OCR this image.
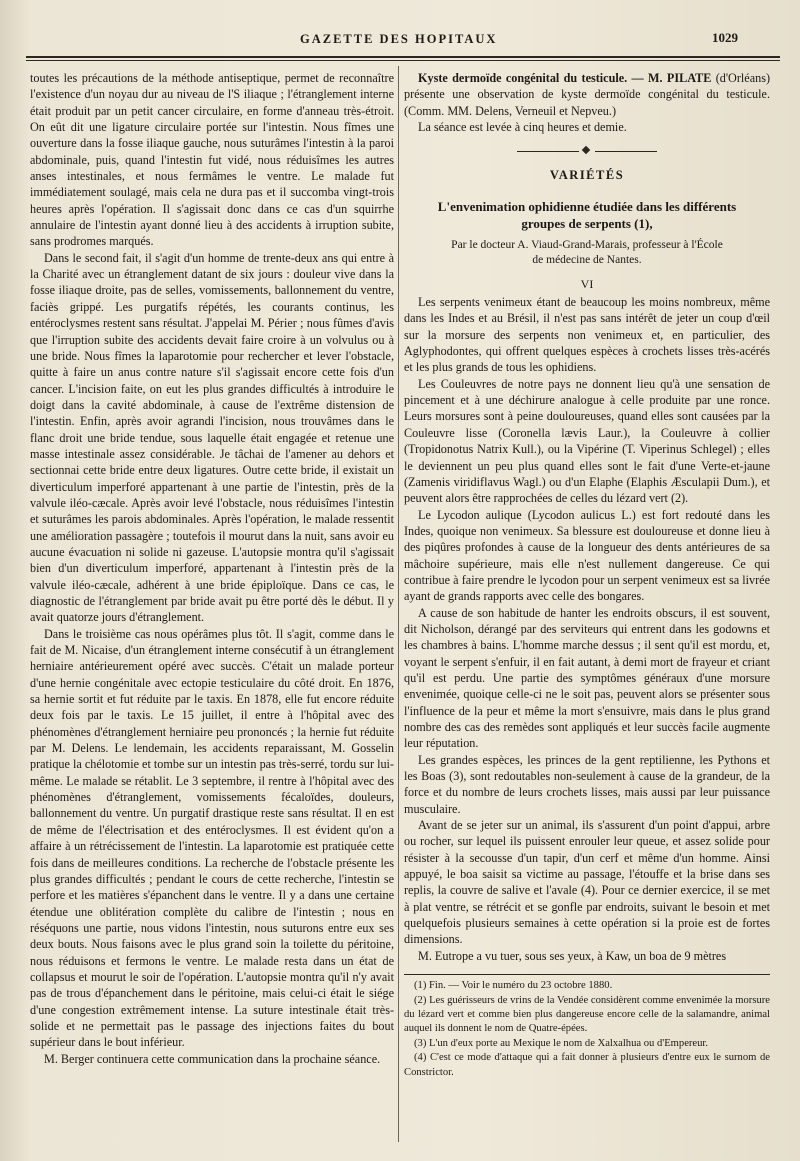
GAZETTE DES HOPITAUX	1029

toutes les précautions de la méthode antiseptique, permet de reconnaître l'existence d'un noyau dur au niveau de l'S iliaque ; l'étranglement interne était produit par un petit cancer circulaire, en forme d'anneau très-étroit. On eût dit une ligature circulaire portée sur l'intestin. Nous fîmes une ouverture dans la fosse iliaque gauche, nous suturâmes l'intestin à la paroi abdominale, puis, quand l'intestin fut vidé, nous réduisîmes les autres anses intestinales, et nous fermâmes le ventre. Le malade fut immédiatement soulagé, mais cela ne dura pas et il succomba vingt-trois heures après l'opération. Il s'agissait donc dans ce cas d'un squirrhe annulaire de l'intestin ayant donné lieu à des accidents à irruption subite, sans prodromes marqués.

Dans le second fait, il s'agit d'un homme de trente-deux ans qui entre à la Charité avec un étranglement datant de six jours : douleur vive dans la fosse iliaque droite, pas de selles, vomissements, ballonnement du ventre, faciès grippé. Les purgatifs répétés, les courants continus, les entéroclysmes restent sans résultat. J'appelai M. Périer ; nous fûmes d'avis que l'irruption subite des accidents devait faire croire à un volvulus ou à une bride. Nous fîmes la laparotomie pour rechercher et lever l'obstacle, quitte à faire un anus contre nature s'il s'agissait encore cette fois d'un cancer. L'incision faite, on eut les plus grandes difficultés à introduire le doigt dans la cavité abdominale, à cause de l'extrême distension de l'intestin. Enfin, après avoir agrandi l'incision, nous trouvâmes dans le flanc droit une bride tendue, sous laquelle était engagée et retenue une masse intestinale assez considérable. Je tâchai de l'amener au dehors et sectionnai cette bride entre deux ligatures. Outre cette bride, il existait un diverticulum imperforé appartenant à une partie de l'intestin, près de la valvule iléo-cæcale. Après avoir levé l'obstacle, nous réduisîmes l'intestin et suturâmes les parois abdominales. Après l'opération, le malade ressentit une amélioration passagère ; toutefois il mourut dans la nuit, sans avoir eu aucune évacuation ni solide ni gazeuse. L'autopsie montra qu'il s'agissait bien d'un diverticulum imperforé, appartenant à l'intestin près de la valvule iléo-cæcale, adhérent à une bride épiploïque. Dans ce cas, le diagnostic de l'étranglement par bride avait pu être porté dès le début. Il y avait quatorze jours d'étranglement.

Dans le troisième cas nous opérâmes plus tôt. Il s'agit, comme dans le fait de M. Nicaise, d'un étranglement interne consécutif à un étranglement herniaire antérieurement opéré avec succès. C'était un malade porteur d'une hernie congénitale avec ectopie testiculaire du côté droit. En 1876, sa hernie sortit et fut réduite par le taxis. En 1878, elle fut encore réduite deux fois par le taxis. Le 15 juillet, il entre à l'hôpital avec des phénomènes d'étranglement herniaire peu prononcés ; la hernie fut réduite par M. Delens. Le lendemain, les accidents reparaissant, M. Gosselin pratique la chélotomie et tombe sur un intestin pas très-serré, tordu sur lui-même. Le malade se rétablit. Le 3 septembre, il rentre à l'hôpital avec des phénomènes d'étranglement, vomissements fécaloïdes, douleurs, ballonnement du ventre. Un purgatif drastique reste sans résultat. Il en est de même de l'électrisation et des entéroclysmes. Il est évident qu'on a affaire à un rétrécissement de l'intestin. La laparotomie est pratiquée cette fois dans de meilleures conditions. La recherche de l'obstacle présente les plus grandes difficultés ; pendant le cours de cette recherche, l'intestin se perfore et les matières s'épanchent dans le ventre. Il y a dans une certaine étendue une oblitération complète du calibre de l'intestin ; nous en réséquons une partie, nous vidons l'intestin, nous suturons entre eux ses deux bouts. Nous faisons avec le plus grand soin la toilette du péritoine, nous réduisons et fermons le ventre. Le malade resta dans un état de collapsus et mourut le soir de l'opération. L'autopsie montra qu'il n'y avait pas de trous d'épanchement dans le péritoine, mais celui-ci était le siége d'une congestion extrêmement intense. La suture intestinale était très-solide et ne permettait pas le passage des injections faites du bout supérieur dans le bout inférieur.

M. Berger continuera cette communication dans la prochaine séance.

Kyste dermoïde congénital du testicule. — M. PILATE (d'Orléans) présente une observation de kyste dermoïde congénital du testicule. (Comm. MM. Delens, Verneuil et Nepveu.)

La séance est levée à cinq heures et demie.

VARIÉTÉS
L'envenimation ophidienne étudiée dans les différents
groupes de serpents (1),
Par le docteur A. Viaud-Grand-Marais, professeur à l'École
de médecine de Nantes.
VI

Les serpents venimeux étant de beaucoup les moins nombreux, même dans les Indes et au Brésil, il n'est pas sans intérêt de jeter un coup d'œil sur la morsure des serpents non venimeux et, en particulier, des Aglyphodontes, qui offrent quelques espèces à crochets lisses très-acérés et les plus grands de tous les ophidiens.

Les Couleuvres de notre pays ne donnent lieu qu'à une sensation de pincement et à une déchirure analogue à celle produite par une ronce. Leurs morsures sont à peine douloureuses, quand elles sont causées par la Couleuvre lisse (Coronella lævis Laur.), la Couleuvre à collier (Tropidonotus Natrix Kull.), ou la Vipérine (T. Viperinus Schlegel) ; elles le deviennent un peu plus quand elles sont le fait d'une Verte-et-jaune (Zamenis viridiflavus Wagl.) ou d'un Elaphe (Elaphis Æsculapii Dum.), et peuvent alors être rapprochées de celles du lézard vert (2).

Le Lycodon aulique (Lycodon aulicus L.) est fort redouté dans les Indes, quoique non venimeux. Sa blessure est douloureuse et donne lieu à des piqûres profondes à cause de la longueur des dents antérieures de sa mâchoire supérieure, mais elle n'est nullement dangereuse. Ce qui contribue à faire prendre le lycodon pour un serpent venimeux est sa livrée ayant de grands rapports avec celle des bongares.

A cause de son habitude de hanter les endroits obscurs, il est souvent, dit Nicholson, dérangé par des serviteurs qui entrent dans les godowns et les chambres à bains. L'homme marche dessus ; il sent qu'il est mordu, et, voyant le serpent s'enfuir, il en fait autant, à demi mort de frayeur et criant qu'il est perdu. Une partie des symptômes généraux d'une morsure envenimée, quoique celle-ci ne le soit pas, peuvent alors se présenter sous l'influence de la peur et même la mort s'ensuivre, mais dans le plus grand nombre des cas des remèdes sont appliqués et leur succès facile augmente leur réputation.

Les grandes espèces, les princes de la gent reptilienne, les Pythons et les Boas (3), sont redoutables non-seulement à cause de la grandeur, de la force et du nombre de leurs crochets lisses, mais aussi par leur puissance musculaire.

Avant de se jeter sur un animal, ils s'assurent d'un point d'appui, arbre ou rocher, sur lequel ils puissent enrouler leur queue, et assez solide pour résister à la secousse d'un tapir, d'un cerf et même d'un homme. Ainsi appuyé, le boa saisit sa victime au passage, l'étouffe et la brise dans ses replis, la couvre de salive et l'avale (4). Pour ce dernier exercice, il se met à plat ventre, se rétrécit et se gonfle par endroits, suivant le besoin et met quelquefois plusieurs semaines à cette opération si la proie est de fortes dimensions.

M. Eutrope a vu tuer, sous ses yeux, à Kaw, un boa de 9 mètres

(1) Fin. — Voir le numéro du 23 octobre 1880.

(2) Les guérisseurs de vrins de la Vendée considèrent comme envenimée la morsure du lézard vert et comme bien plus dangereuse encore celle de la salamandre, animal auquel ils donnent le nom de Quatre-épées.

(3) L'un d'eux porte au Mexique le nom de Xalxalhua ou d'Empereur.

(4) C'est ce mode d'attaque qui a fait donner à plusieurs d'entre eux le surnom de Constrictor.
